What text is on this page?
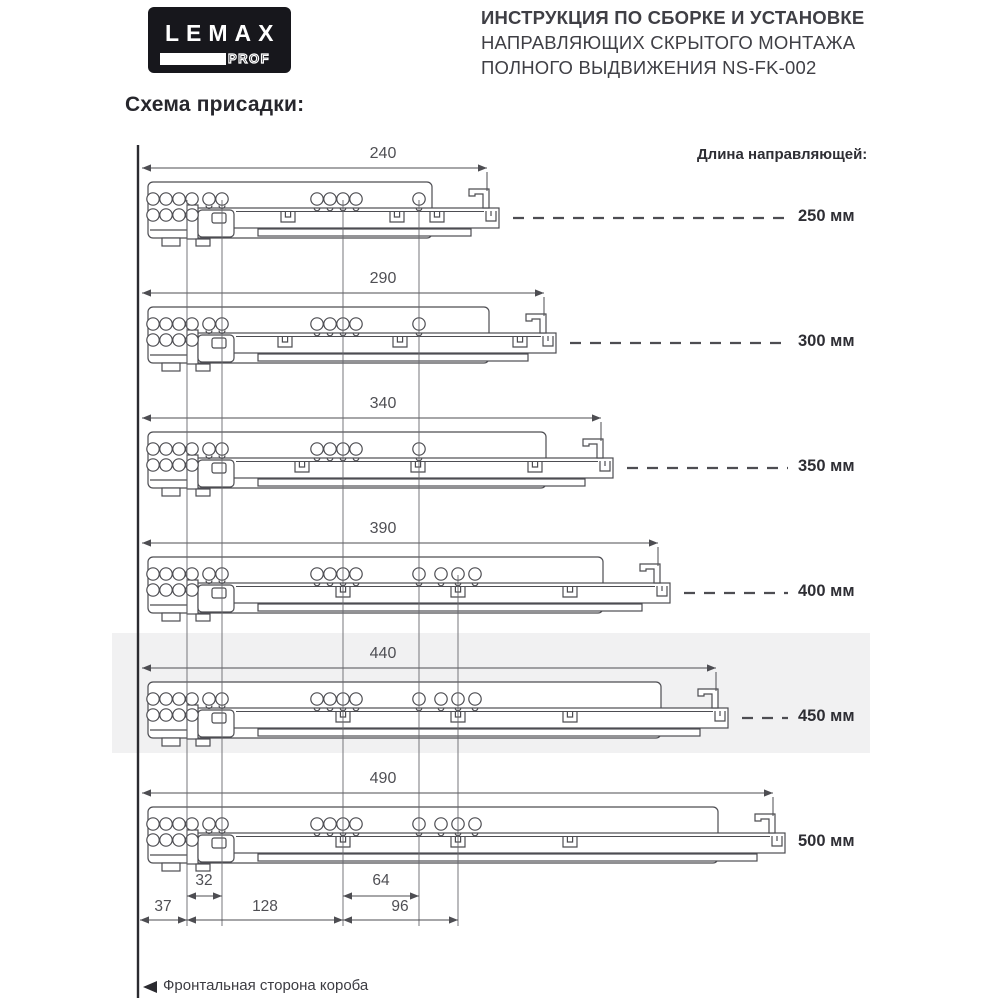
LEMAX
PROF
ИНСТРУКЦИЯ ПО СБОРКЕ И УСТАНОВКЕ
НАПРАВЛЯЮЩИХ СКРЫТОГО МОНТАЖА
ПОЛНОГО ВЫДВИЖЕНИЯ NS-FK-002
Схема присадки:
Длина направляющей:
240
250 мм
290
300 мм
340
350 мм
390
400 мм
440
450 мм
490
500 мм
32	64
37	128	96
Фронтальная сторона короба
